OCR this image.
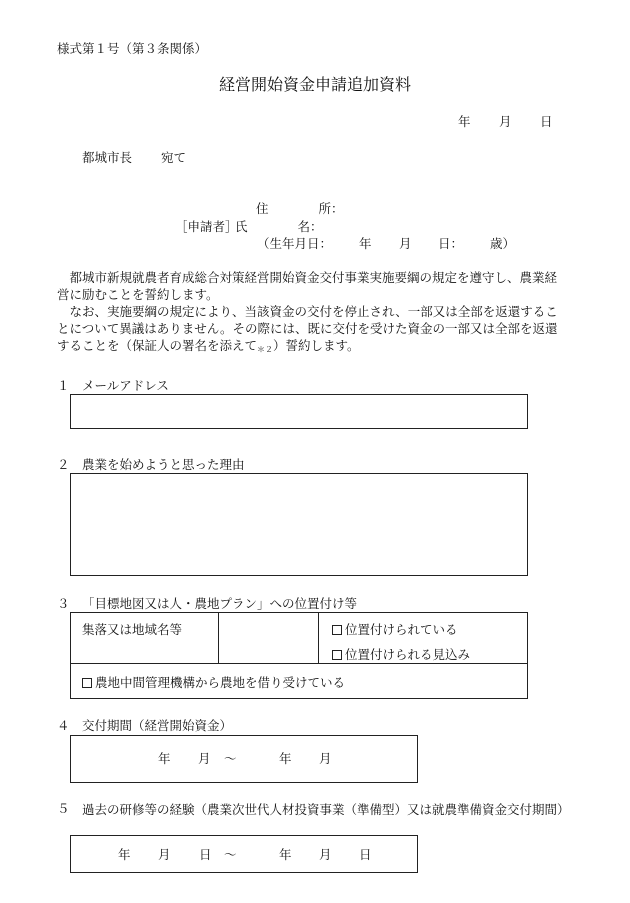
様式第１号（第３条関係）
経営開始資金申請追加資料
年 月 日
都城市長 宛て
住　　　　所：
［申請者］
氏　　　　名：
（生年月日： 年 月 日： 歳）
　都城市新規就農者育成総合対策経営開始資金交付事業実施要綱の規定を遵守し、農業経営に励むことを誓約します。
　なお、実施要綱の規定により、当該資金の交付を停止され、一部又は全部を返還することについて異議はありません。その際には、既に交付を受けた資金の一部又は全部を返還することを（保証人の署名を添えて$_{*2}$）誓約します。
１ メールアドレス
２ 農業を始めようと思った理由
３ 「目標地図又は人・農地プラン」への位置付け等
集落又は地域名等	位置付けられている
位置付けられる見込み
農地中間管理機構から農地を借り受けている
４ 交付期間（経営開始資金）
年 月 〜	年 月
５ 過去の研修等の経験（農業次世代人材投資事業（準備型）又は就農準備資金交付期間）
年 月 日 〜	年 月 日
